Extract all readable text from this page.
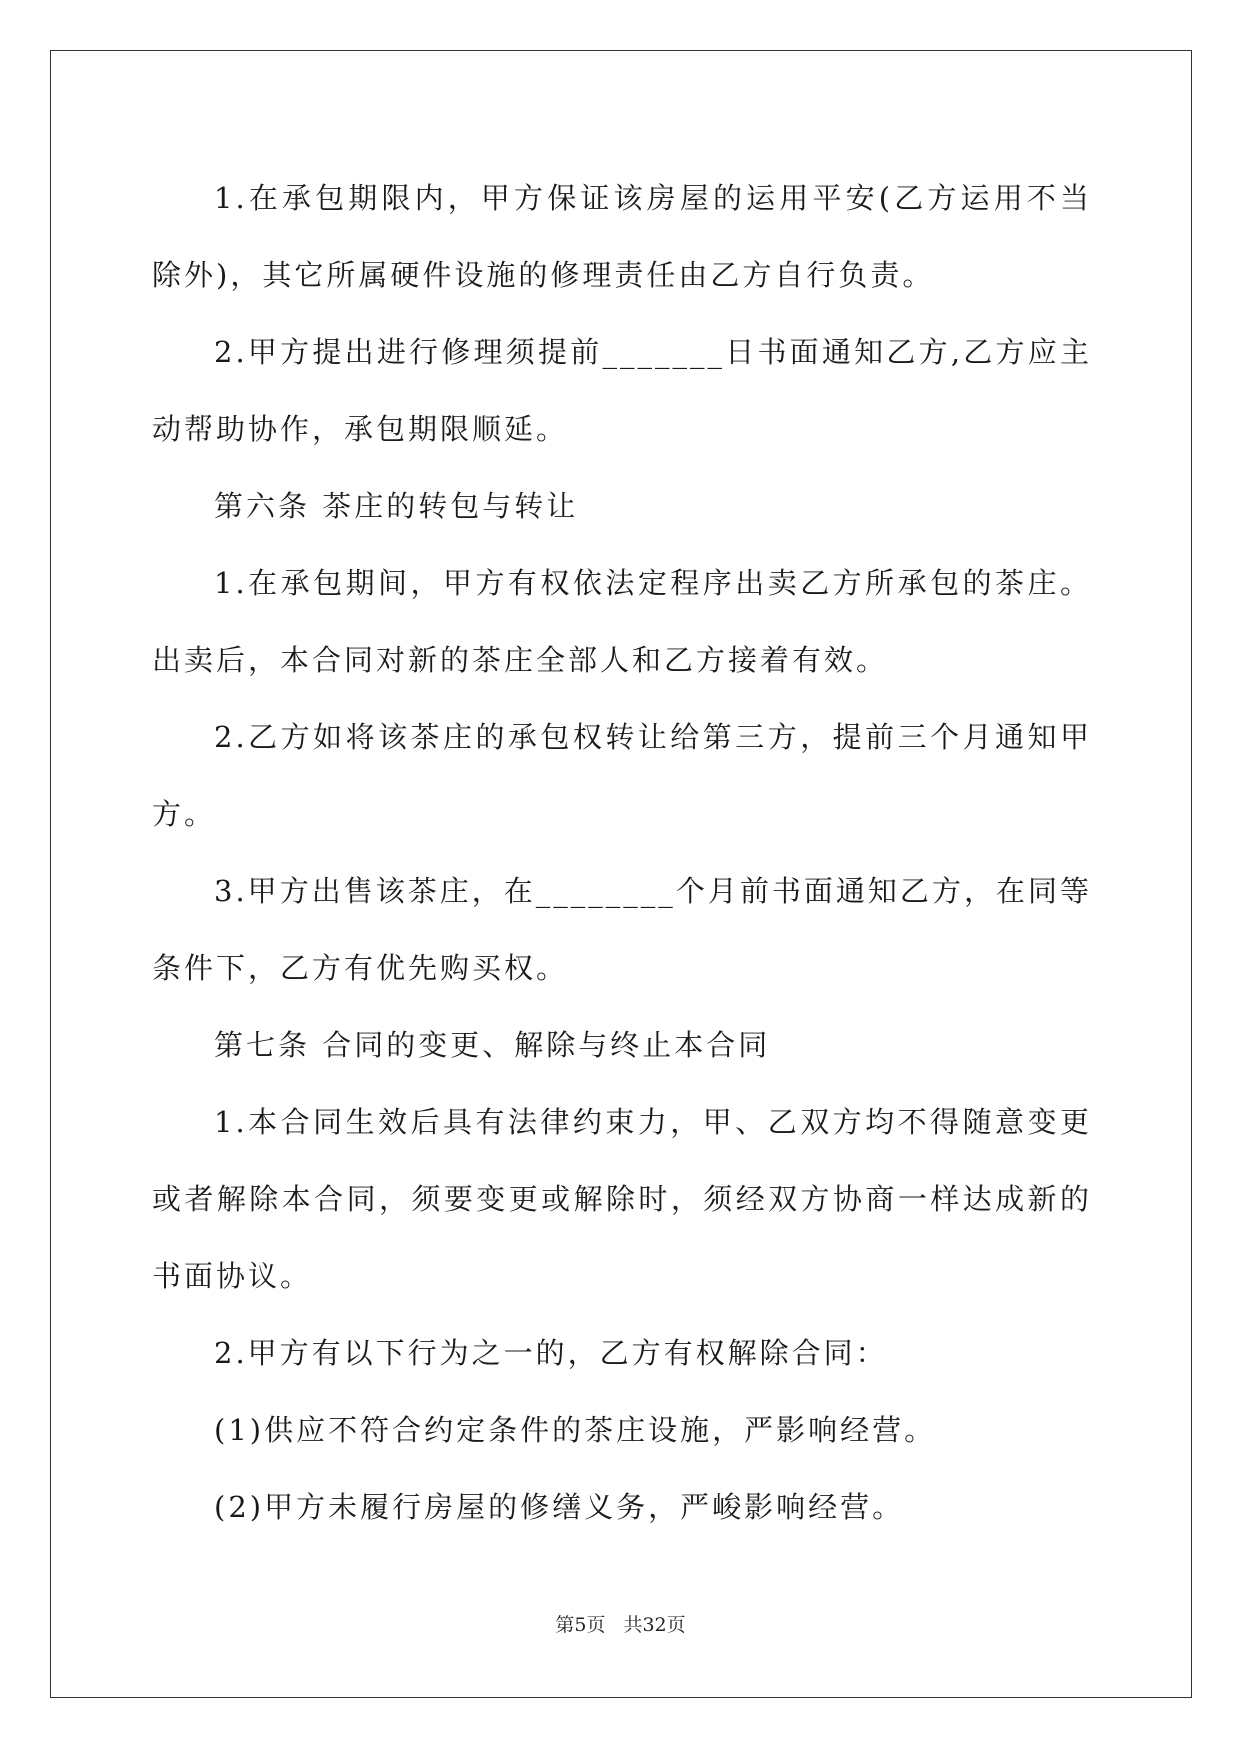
1.在承包期限内，甲方保证该房屋的运用平安(乙方运用不当除外)，其它所属硬件设施的修理责任由乙方自行负责。

2.甲方提出进行修理须提前_______日书面通知乙方,乙方应主动帮助协作，承包期限顺延。

第六条 茶庄的转包与转让

1.在承包期间，甲方有权依法定程序出卖乙方所承包的茶庄。出卖后，本合同对新的茶庄全部人和乙方接着有效。

2.乙方如将该茶庄的承包权转让给第三方，提前三个月通知甲方。

3.甲方出售该茶庄，在________个月前书面通知乙方，在同等条件下，乙方有优先购买权。

第七条 合同的变更、解除与终止本合同

1.本合同生效后具有法律约束力，甲、乙双方均不得随意变更或者解除本合同，须要变更或解除时，须经双方协商一样达成新的书面协议。

2.甲方有以下行为之一的，乙方有权解除合同：

(1)供应不符合约定条件的茶庄设施，严影响经营。

(2)甲方未履行房屋的修缮义务，严峻影响经营。

第5页 共32页
